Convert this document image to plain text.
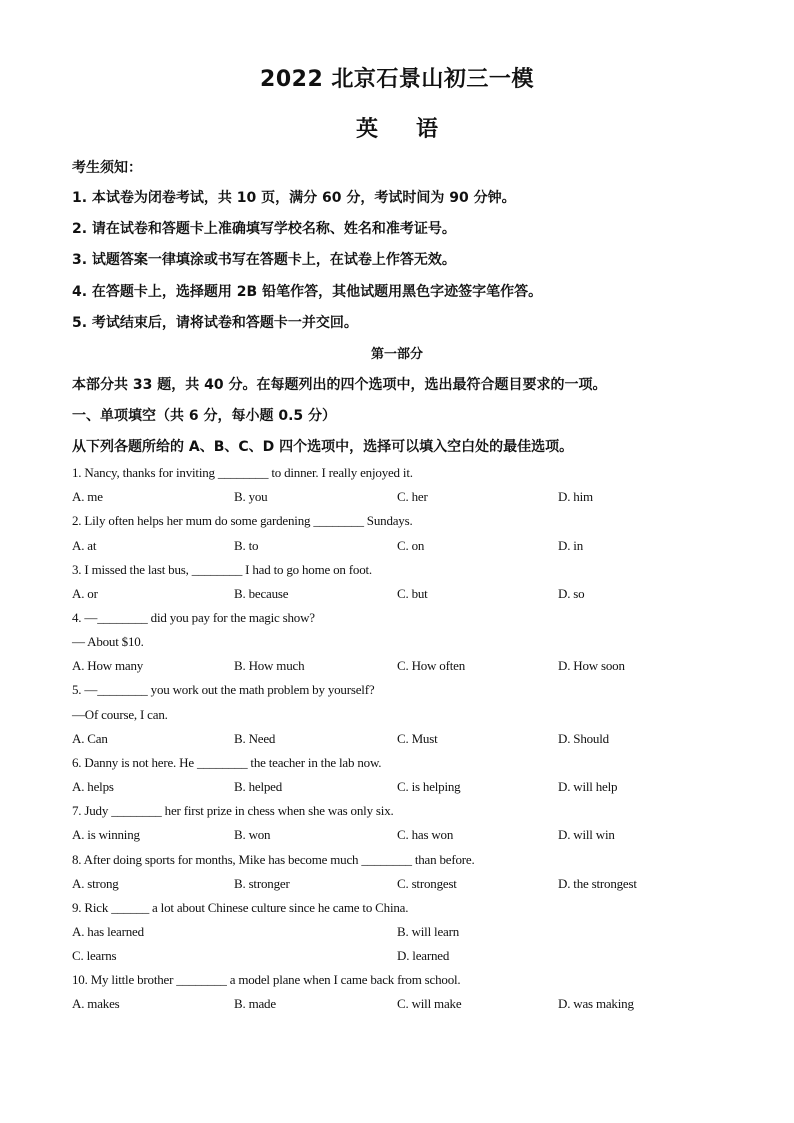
2022 北京石景山初三一模
英语
考生须知：
1. 本试卷为闭卷考试，共 10 页，满分 60 分，考试时间为 90 分钟。
2. 请在试卷和答题卡上准确填写学校名称、姓名和准考证号。
3. 试题答案一律填涂或书写在答题卡上，在试卷上作答无效。
4. 在答题卡上，选择题用 2B 铅笔作答，其他试题用黑色字迹签字笔作答。
5. 考试结束后，请将试卷和答题卡一并交回。
第一部分
本部分共 33 题，共 40 分。在每题列出的四个选项中，选出最符合题目要求的一项。
一、单项填空（共 6 分，每小题 0.5 分）
从下列各题所给的 A、B、C、D 四个选项中，选择可以填入空白处的最佳选项。
1. Nancy, thanks for inviting ________ to dinner. I really enjoyed it.
A. me	B. you	C. her	D. him
2. Lily often helps her mum do some gardening ________ Sundays.
A. at	B. to	C. on	D. in
3. I missed the last bus, ________ I had to go home on foot.
A. or	B. because	C. but	D. so
4. —________ did you pay for the magic show?
— About $10.
A. How many	B. How much	C. How often	D. How soon
5. —________ you work out the math problem by yourself?
—Of course, I can.
A. Can	B. Need	C. Must	D. Should
6. Danny is not here. He ________ the teacher in the lab now.
A. helps	B. helped	C. is helping	D. will help
7. Judy ________ her first prize in chess when she was only six.
A. is winning	B. won	C. has won	D. will win
8. After doing sports for months, Mike has become much ________ than before.
A. strong	B. stronger	C. strongest	D. the strongest
9. Rick ______ a lot about Chinese culture since he came to China.
A. has learned	B. will learn
C. learns	D. learned
10. My little brother ________ a model plane when I came back from school.
A. makes	B. made	C. will make	D. was making
